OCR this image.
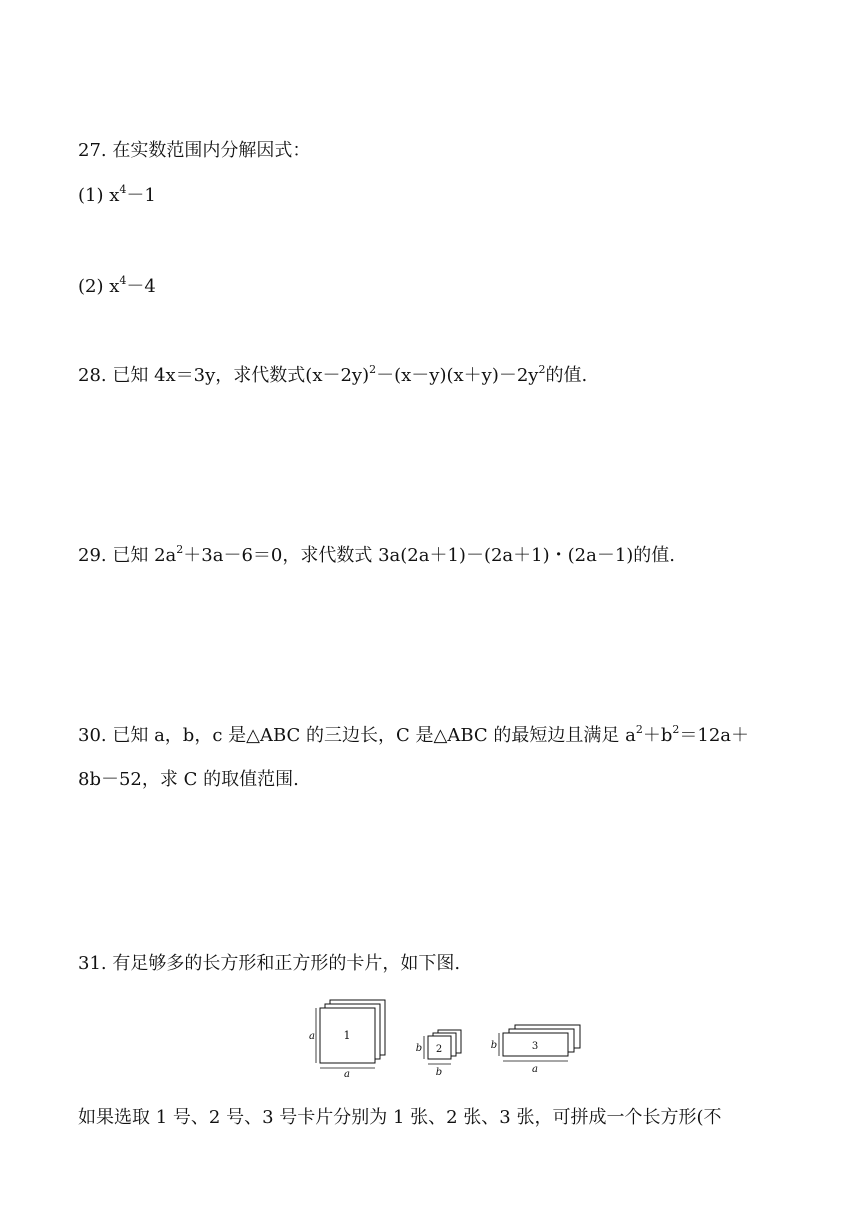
27. 在实数范围内分解因式：
(1) $x^4-1$
(2) $x^4-4$
28. 已知 4x＝3y，求代数式$(x-2y)^2-(x-y)(x+y)-2y^2$的值.
29. 已知 $2a^2+3a-6=0$，求代数式 3a(2a＋1)－(2a＋1)・(2a－1)的值.
30. 已知 a，b，c 是△ABC 的三边长，C 是△ABC 的最短边且满足 $a^2+b^2=12a+$
8b－52，求 C 的取值范围.
31. 有足够多的长方形和正方形的卡片，如下图.
1
a
a
2
b
b
3
b
a
如果选取 1 号、2 号、3 号卡片分别为 1 张、2 张、3 张，可拼成一个长方形(不
